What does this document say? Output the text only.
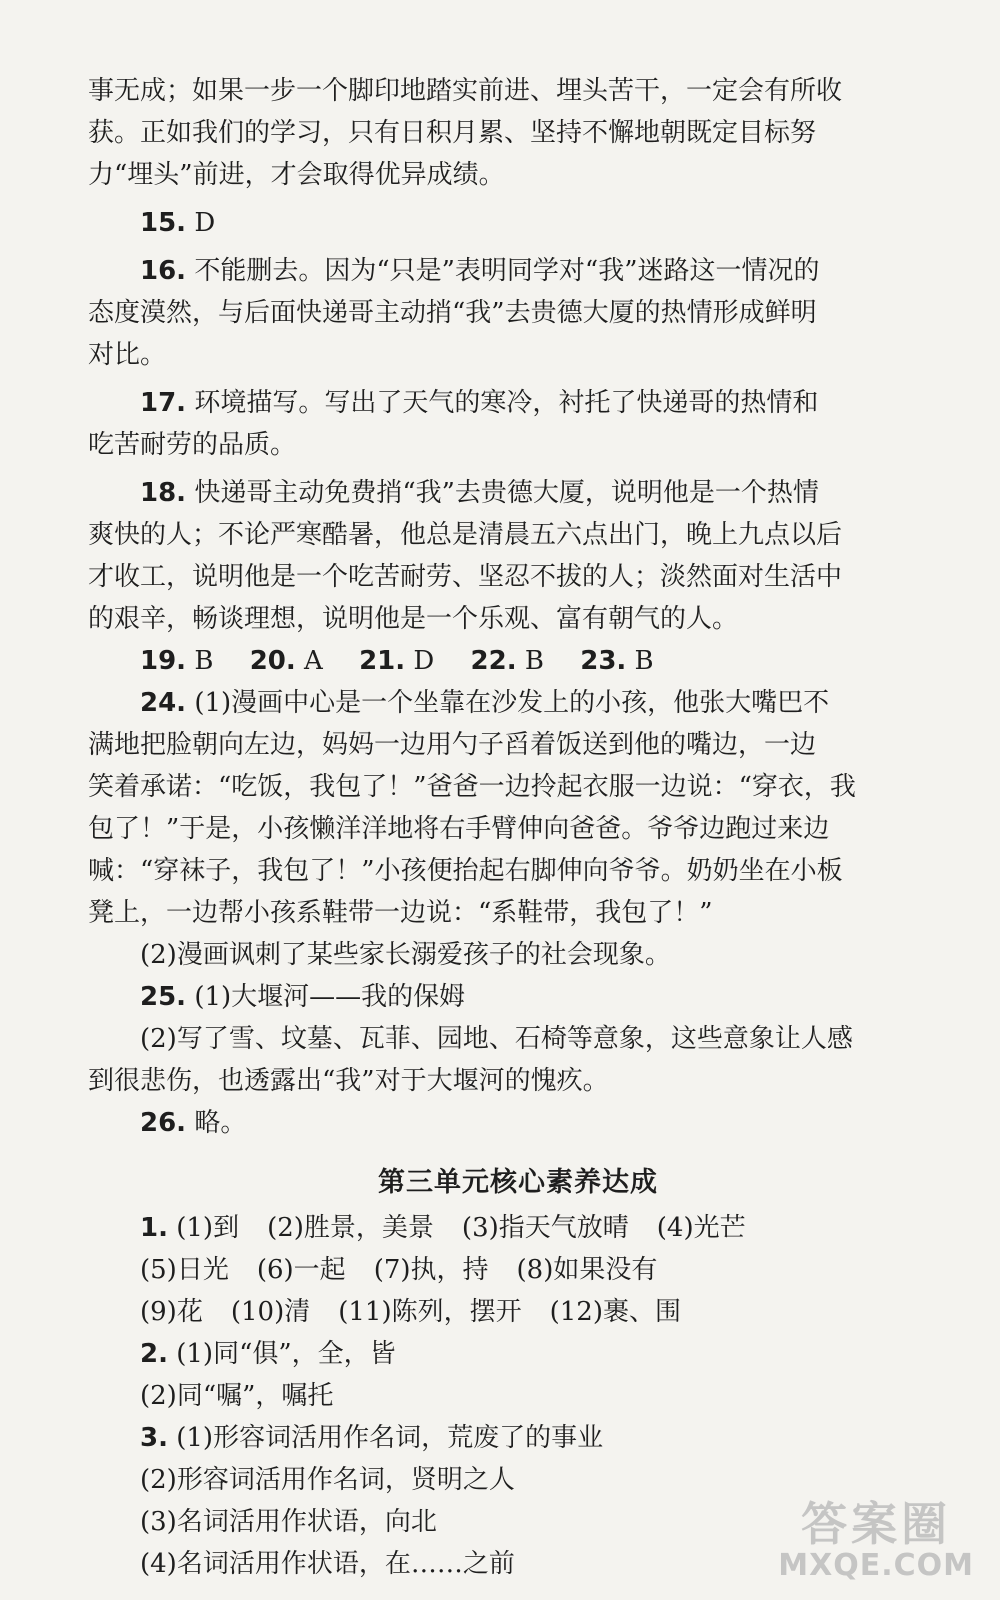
事无成；如果一步一个脚印地踏实前进、埋头苦干，一定会有所收
获。正如我们的学习，只有日积月累、坚持不懈地朝既定目标努
力“埋头”前进，才会取得优异成绩。

15. D

16. 不能删去。因为“只是”表明同学对“我”迷路这一情况的
态度漠然，与后面快递哥主动捎“我”去贵德大厦的热情形成鲜明
对比。

17. 环境描写。写出了天气的寒冷，衬托了快递哥的热情和
吃苦耐劳的品质。

18. 快递哥主动免费捎“我”去贵德大厦，说明他是一个热情
爽快的人；不论严寒酷暑，他总是清晨五六点出门，晚上九点以后
才收工，说明他是一个吃苦耐劳、坚忍不拔的人；淡然面对生活中
的艰辛，畅谈理想，说明他是一个乐观、富有朝气的人。

19. B 20. A 21. D 22. B 23. B

24. (1)漫画中心是一个坐靠在沙发上的小孩，他张大嘴巴不
满地把脸朝向左边，妈妈一边用勺子舀着饭送到他的嘴边，一边
笑着承诺：“吃饭，我包了！”爸爸一边拎起衣服一边说：“穿衣，我
包了！”于是，小孩懒洋洋地将右手臂伸向爸爸。爷爷边跑过来边
喊：“穿袜子，我包了！”小孩便抬起右脚伸向爷爷。奶奶坐在小板
凳上，一边帮小孩系鞋带一边说：“系鞋带，我包了！”

(2)漫画讽刺了某些家长溺爱孩子的社会现象。

25. (1)大堰河——我的保姆

(2)写了雪、坟墓、瓦菲、园地、石椅等意象，这些意象让人感
到很悲伤，也透露出“我”对于大堰河的愧疚。

26. 略。

第三单元核心素养达成

1. (1)到 (2)胜景，美景 (3)指天气放晴 (4)光芒

(5)日光 (6)一起 (7)执，持 (8)如果没有

(9)花 (10)清 (11)陈列，摆开 (12)裹、围

2. (1)同“俱”，全，皆

(2)同“嘱”，嘱托

3. (1)形容词活用作名词，荒废了的事业

(2)形容词活用作名词，贤明之人

(3)名词活用作状语，向北

(4)名词活用作状语，在……之前

答案圈
MXQE.COM
